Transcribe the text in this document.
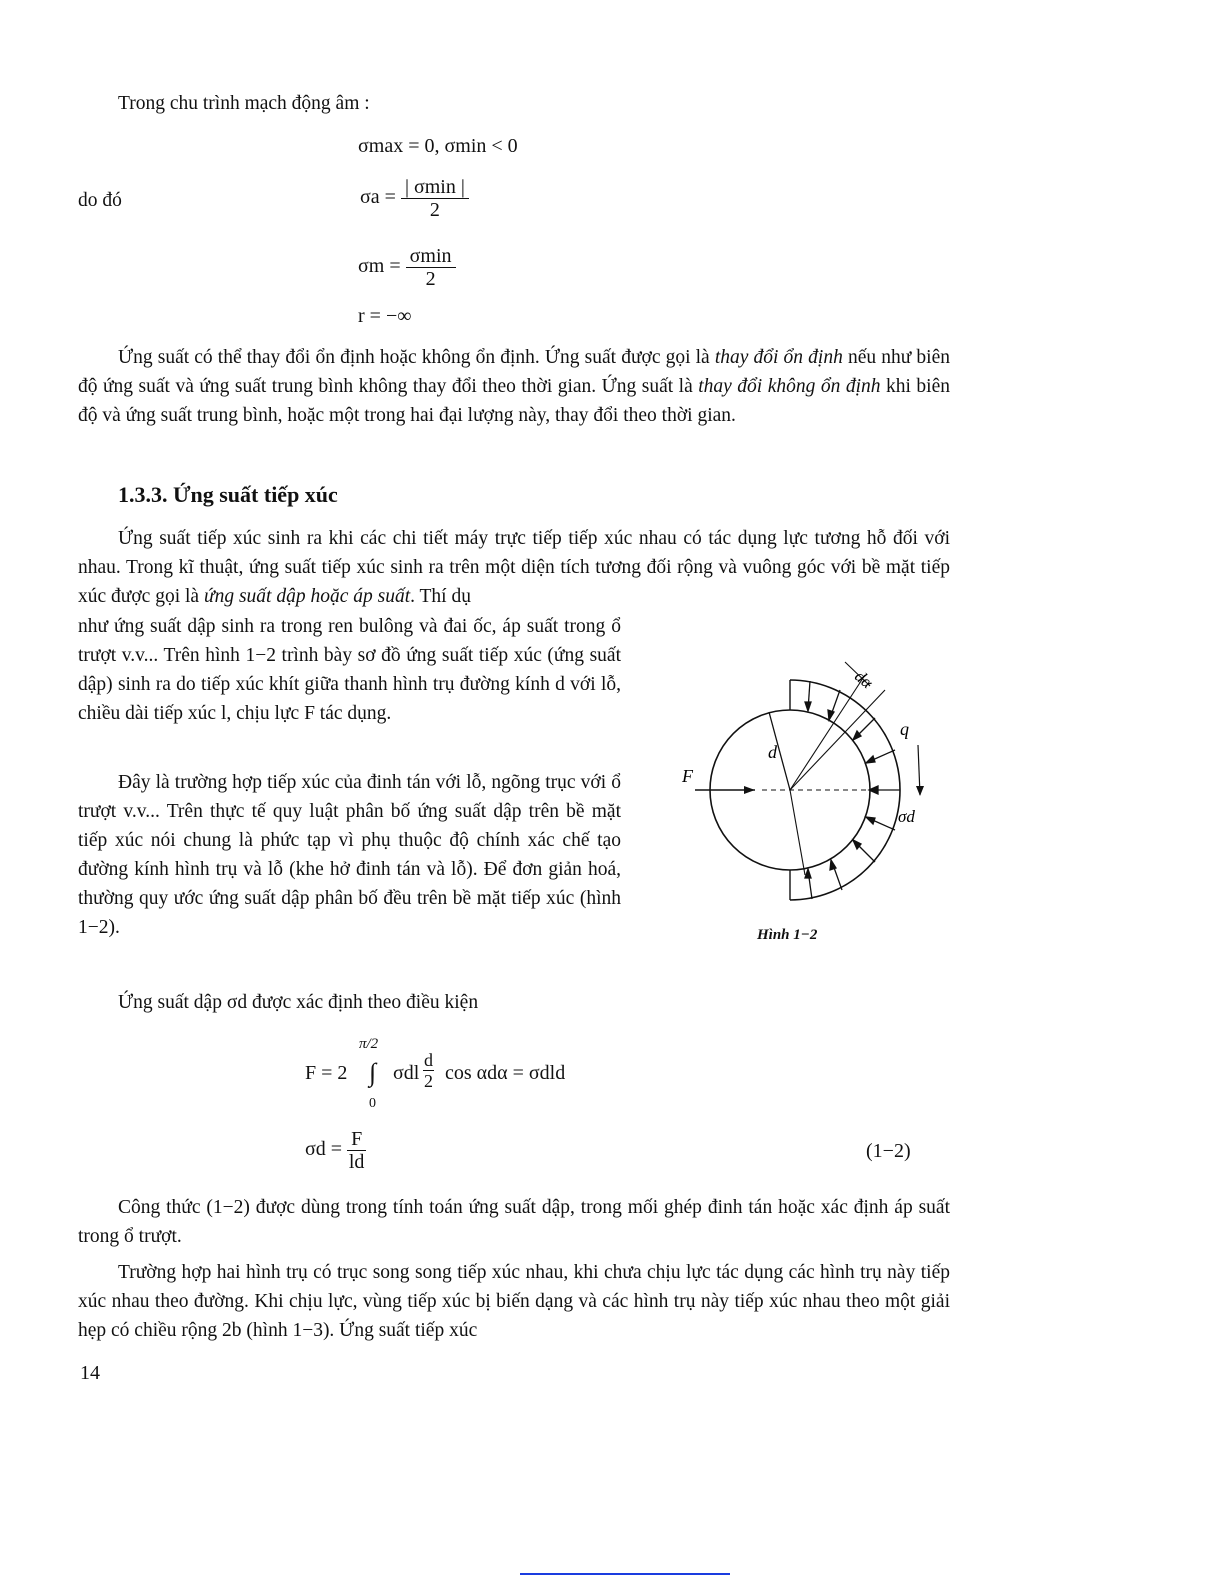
Trong chu trình mạch động âm :
σmax = 0, σmin < 0
do đó	$\sigma a = \frac{| \sigma\min |}{2}$
$\sigma m = \frac{\sigma\min}{2}$
r = −∞

Ứng suất có thể thay đổi ổn định hoặc không ổn định. Ứng suất được gọi là thay đổi ổn định nếu như biên độ ứng suất và ứng suất trung bình không thay đổi theo thời gian. Ứng suất là thay đổi không ổn định khi biên độ và ứng suất trung bình, hoặc một trong hai đại lượng này, thay đổi theo thời gian.

1.3.3. Ứng suất tiếp xúc

Ứng suất tiếp xúc sinh ra khi các chi tiết máy trực tiếp tiếp xúc nhau có tác dụng lực tương hỗ đối với nhau. Trong kĩ thuật, ứng suất tiếp xúc sinh ra trên một diện tích tương đối rộng và vuông góc với bề mặt tiếp xúc được gọi là ứng suất dập hoặc áp suất. Thí dụ

như ứng suất dập sinh ra trong ren bulông và đai ốc, áp suất trong ổ trượt v.v... Trên hình 1−2 trình bày sơ đồ ứng suất tiếp xúc (ứng suất dập) sinh ra do tiếp xúc khít giữa thanh hình trụ đường kính d với lỗ, chiều dài tiếp xúc l, chịu lực F tác dụng.

Đây là trường hợp tiếp xúc của đinh tán với lỗ, ngõng trục với ổ trượt v.v... Trên thực tế quy luật phân bố ứng suất dập trên bề mặt tiếp xúc nói chung là phức tạp vì phụ thuộc độ chính xác chế tạo đường kính hình trụ và lỗ (khe hở đinh tán và lỗ). Để đơn giản hoá, thường quy ước ứng suất dập phân bố đều trên bề mặt tiếp xúc (hình 1−2).

F
d
dα
q
σd
Hình 1−2
Ứng suất dập σd được xác định theo điều kiện
π/2
F = 2 ∫
0
σdl $\frac{d}{2}$ cos αdα = σdld
$\sigma d = \frac{F}{ld}$	(1−2)

Công thức (1−2) được dùng trong tính toán ứng suất dập, trong mối ghép đinh tán hoặc xác định áp suất trong ổ trượt.

Trường hợp hai hình trụ có trục song song tiếp xúc nhau, khi chưa chịu lực tác dụng các hình trụ này tiếp xúc nhau theo đường. Khi chịu lực, vùng tiếp xúc bị biến dạng và các hình trụ này tiếp xúc nhau theo một giải hẹp có chiều rộng 2b (hình 1−3). Ứng suất tiếp xúc

14
